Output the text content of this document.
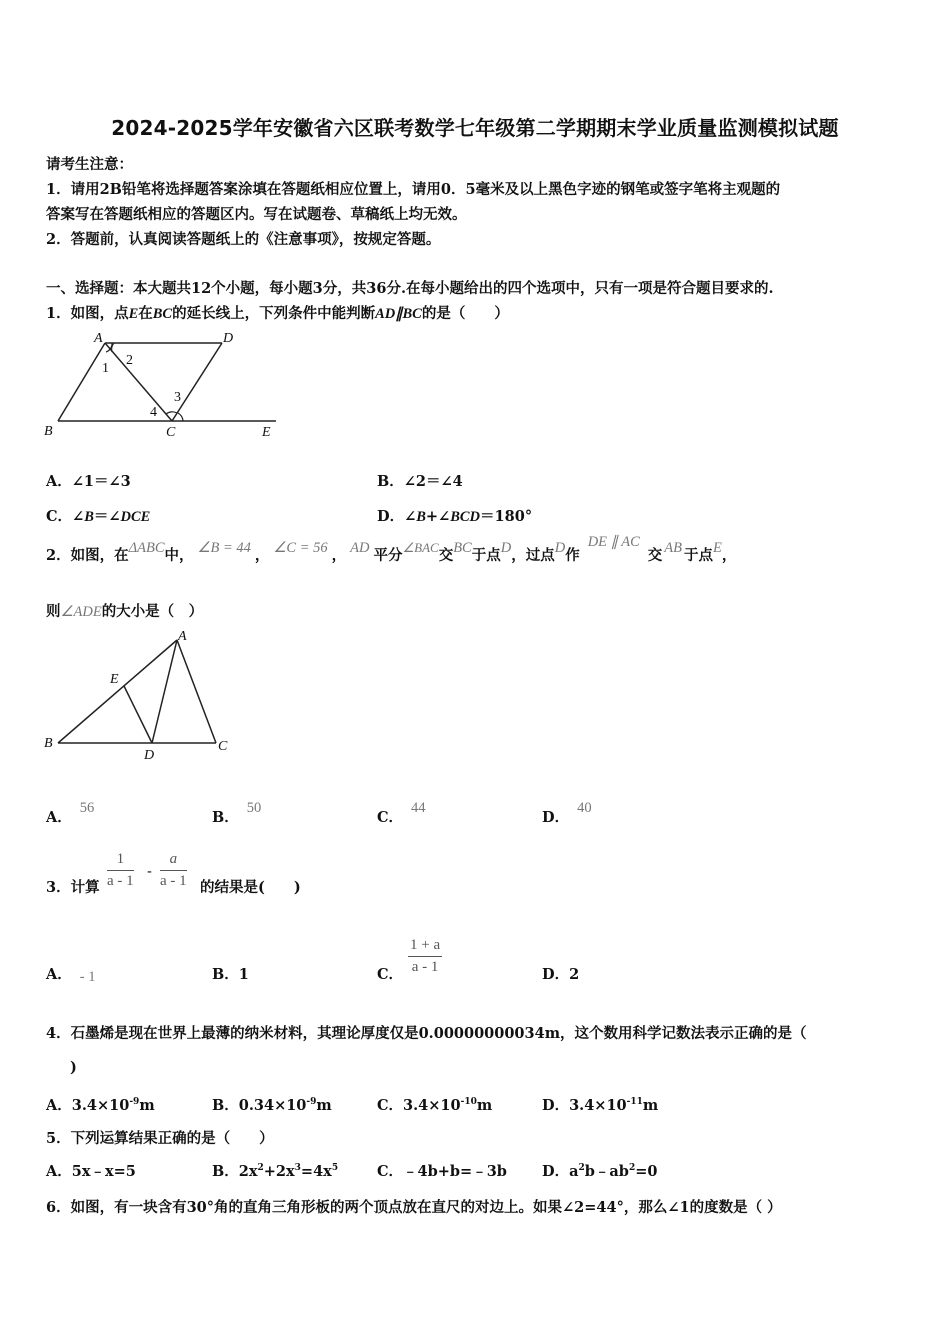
2024-2025学年安徽省六区联考数学七年级第二学期期末学业质量监测模拟试题
请考生注意：
1．请用2B铅笔将选择题答案涂填在答题纸相应位置上，请用0．5毫米及以上黑色字迹的钢笔或签字笔将主观题的
答案写在答题纸相应的答题区内。写在试题卷、草稿纸上均无效。
2．答题前，认真阅读答题纸上的《注意事项》，按规定答题。
一、选择题：本大题共12个小题，每小题3分，共36分.在每小题给出的四个选项中，只有一项是符合题目要求的.
1．如图，点E在BC的延长线上，下列条件中能判断AD∥BC的是（　　）
A	D
B	C	E
1
2
3
4
A．∠1＝∠3	B．∠2＝∠4
C．∠B＝∠DCE	D．∠B+∠BCD＝180°
2．如图，在ΔABC中， ∠B = 44 ， ∠C = 56 ， AD 平分∠BAC交BC于点D，过点D作DE ∥ AC交 AB 于点E，
则∠ADE的大小是（　）
A
E
B
D
C
A．56
B．50
C．44
D．40
3．计算 $\frac{1}{a - 1} - \frac{a}{a - 1}$ 的结果是(　　)
A． - 1	B．1	C． $\frac{1 + a}{a - 1}$	D．2
4．石墨烯是现在世界上最薄的纳米材料，其理论厚度仅是0.00000000034m，这个数用科学记数法表示正确的是（
)
A．$3.4\times 10^{-9}m$	B．$0.34\times 10^{-9}m$	C．$3.4\times 10^{-10}m$	D．$3.4\times 10^{-11}m$
5．下列运算结果正确的是（　　）
A．5x﹣x=5	B．$2x^2+2x^3=4x^5$	C．﹣4b+b=﹣3b D．$a^2b﹣ab^2=0$
6．如图，有一块含有30°角的直角三角形板的两个顶点放在直尺的对边上。如果∠2=44°，那么∠1的度数是（ ）
